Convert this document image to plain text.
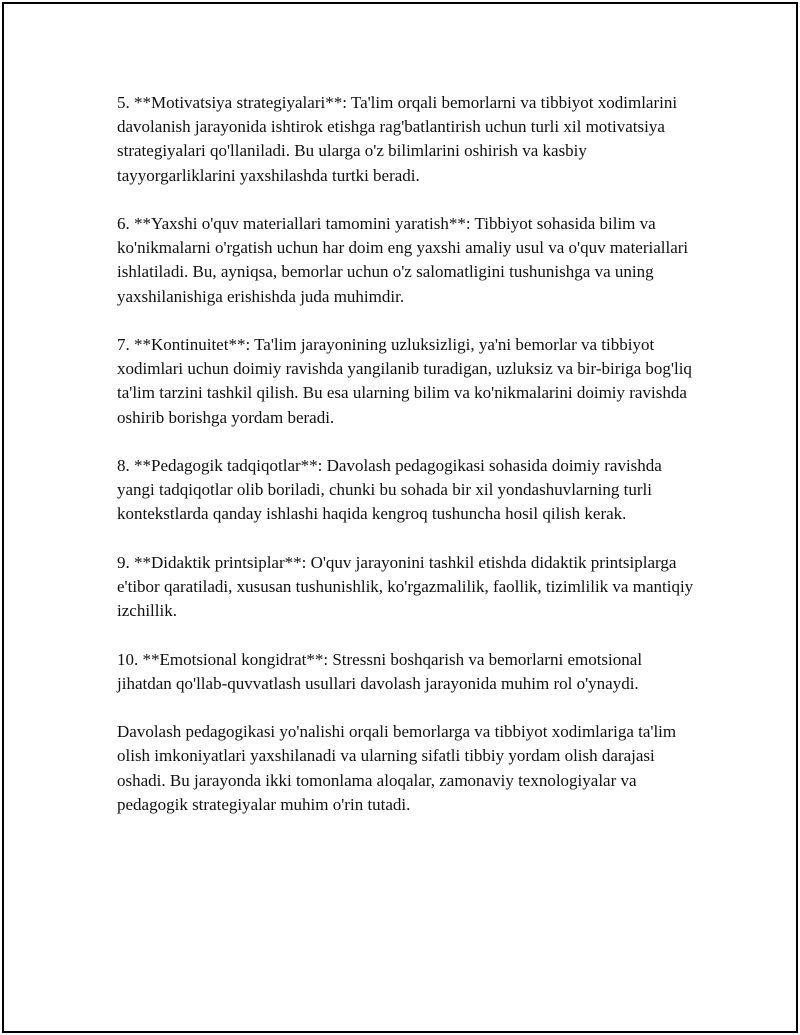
5. **Motivatsiya strategiyalari**: Ta'lim orqali bemorlarni va tibbiyot xodimlarini davolanish jarayonida ishtirok etishga rag'batlantirish uchun turli xil motivatsiya strategiyalari qo'llaniladi. Bu ularga o'z bilimlarini oshirish va kasbiy tayyorgarliklarini yaxshilashda turtki beradi.

6. **Yaxshi o'quv materiallari tamomini yaratish**: Tibbiyot sohasida bilim va ko'nikmalarni o'rgatish uchun har doim eng yaxshi amaliy usul va o'quv materiallari ishlatiladi. Bu, ayniqsa, bemorlar uchun o'z salomatligini tushunishga va uning yaxshilanishiga erishishda juda muhimdir.

7. **Kontinuitet**: Ta'lim jarayonining uzluksizligi, ya'ni bemorlar va tibbiyot xodimlari uchun doimiy ravishda yangilanib turadigan, uzluksiz va bir-biriga bog'liq ta'lim tarzini tashkil qilish. Bu esa ularning bilim va ko'nikmalarini doimiy ravishda oshirib borishga yordam beradi.

8. **Pedagogik tadqiqotlar**: Davolash pedagogikasi sohasida doimiy ravishda yangi tadqiqotlar olib boriladi, chunki bu sohada bir xil yondashuvlarning turli kontekstlarda qanday ishlashi haqida kengroq tushuncha hosil qilish kerak.

9. **Didaktik printsiplar**: O'quv jarayonini tashkil etishda didaktik printsiplarga e'tibor qaratiladi, xususan tushunishlik, ko'rgazmalilik, faollik, tizimlilik va mantiqiy izchillik.

10. **Emotsional kongidrat**: Stressni boshqarish va bemorlarni emotsional jihatdan qo'llab-quvvatlash usullari davolash jarayonida muhim rol o'ynaydi.

Davolash pedagogikasi yo'nalishi orqali bemorlarga va tibbiyot xodimlariga ta'lim olish imkoniyatlari yaxshilanadi va ularning sifatli tibbiy yordam olish darajasi oshadi. Bu jarayonda ikki tomonlama aloqalar, zamonaviy texnologiyalar va pedagogik strategiyalar muhim o'rin tutadi.
